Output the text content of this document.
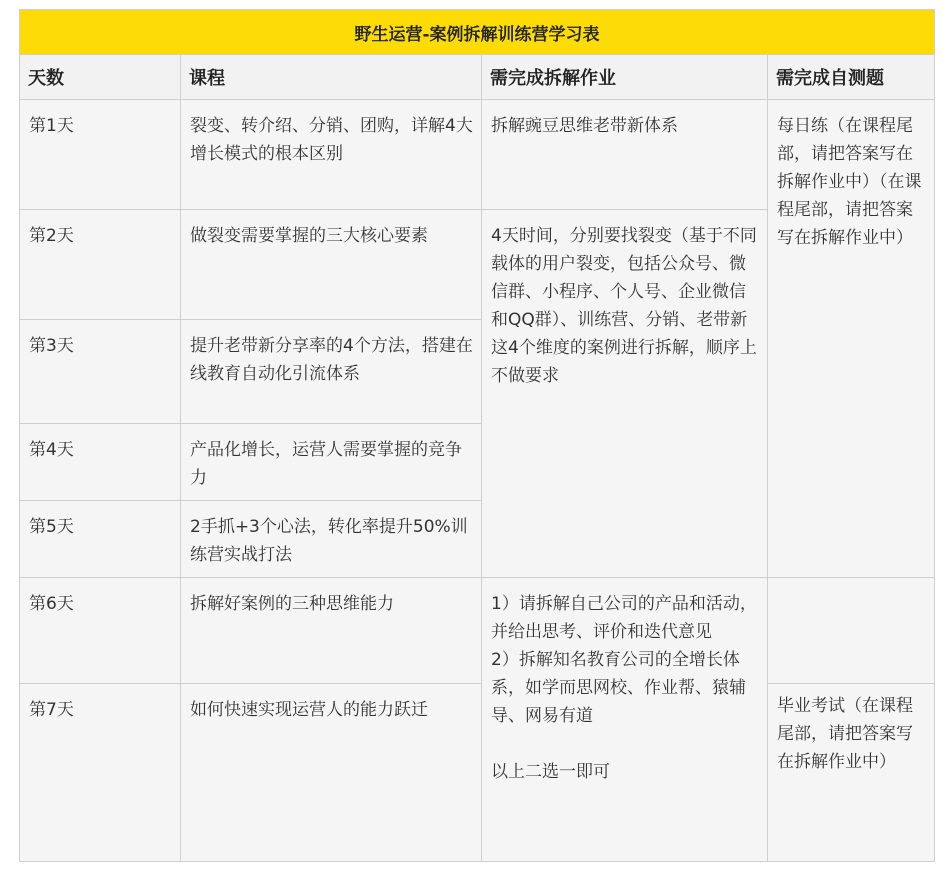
野生运营-案例拆解训练营学习表			
天数	课程	需完成拆解作业	需完成自测题
第1天	裂变、转介绍、分销、团购，详解4大增长模式的根本区别	拆解豌豆思维老带新体系	每日练（在课程尾部，请把答案写在拆解作业中）（在课程尾部，请把答案写在拆解作业中）
第2天	做裂变需要掌握的三大核心要素	4天时间，分别要找裂变（基于不同载体的用户裂变，包括公众号、微信群、小程序、个人号、企业微信和QQ群）、训练营、分销、老带新这4个维度的案例进行拆解，顺序上不做要求	
第3天	提升老带新分享率的4个方法，搭建在线教育自动化引流体系		
第4天	产品化增长，运营人需要掌握的竞争力		
第5天	2手抓+3个心法，转化率提升50%训练营实战打法		
第6天	拆解好案例的三种思维能力	1）请拆解自己公司的产品和活动，并给出思考、评价和迭代意见
2）拆解知名教育公司的全增长体系，如学而思网校、作业帮、猿辅导、网易有道
以上二选一即可	

第7天	如何快速实现运营人的能力跃迁		毕业考试（在课程尾部，请把答案写在拆解作业中）
